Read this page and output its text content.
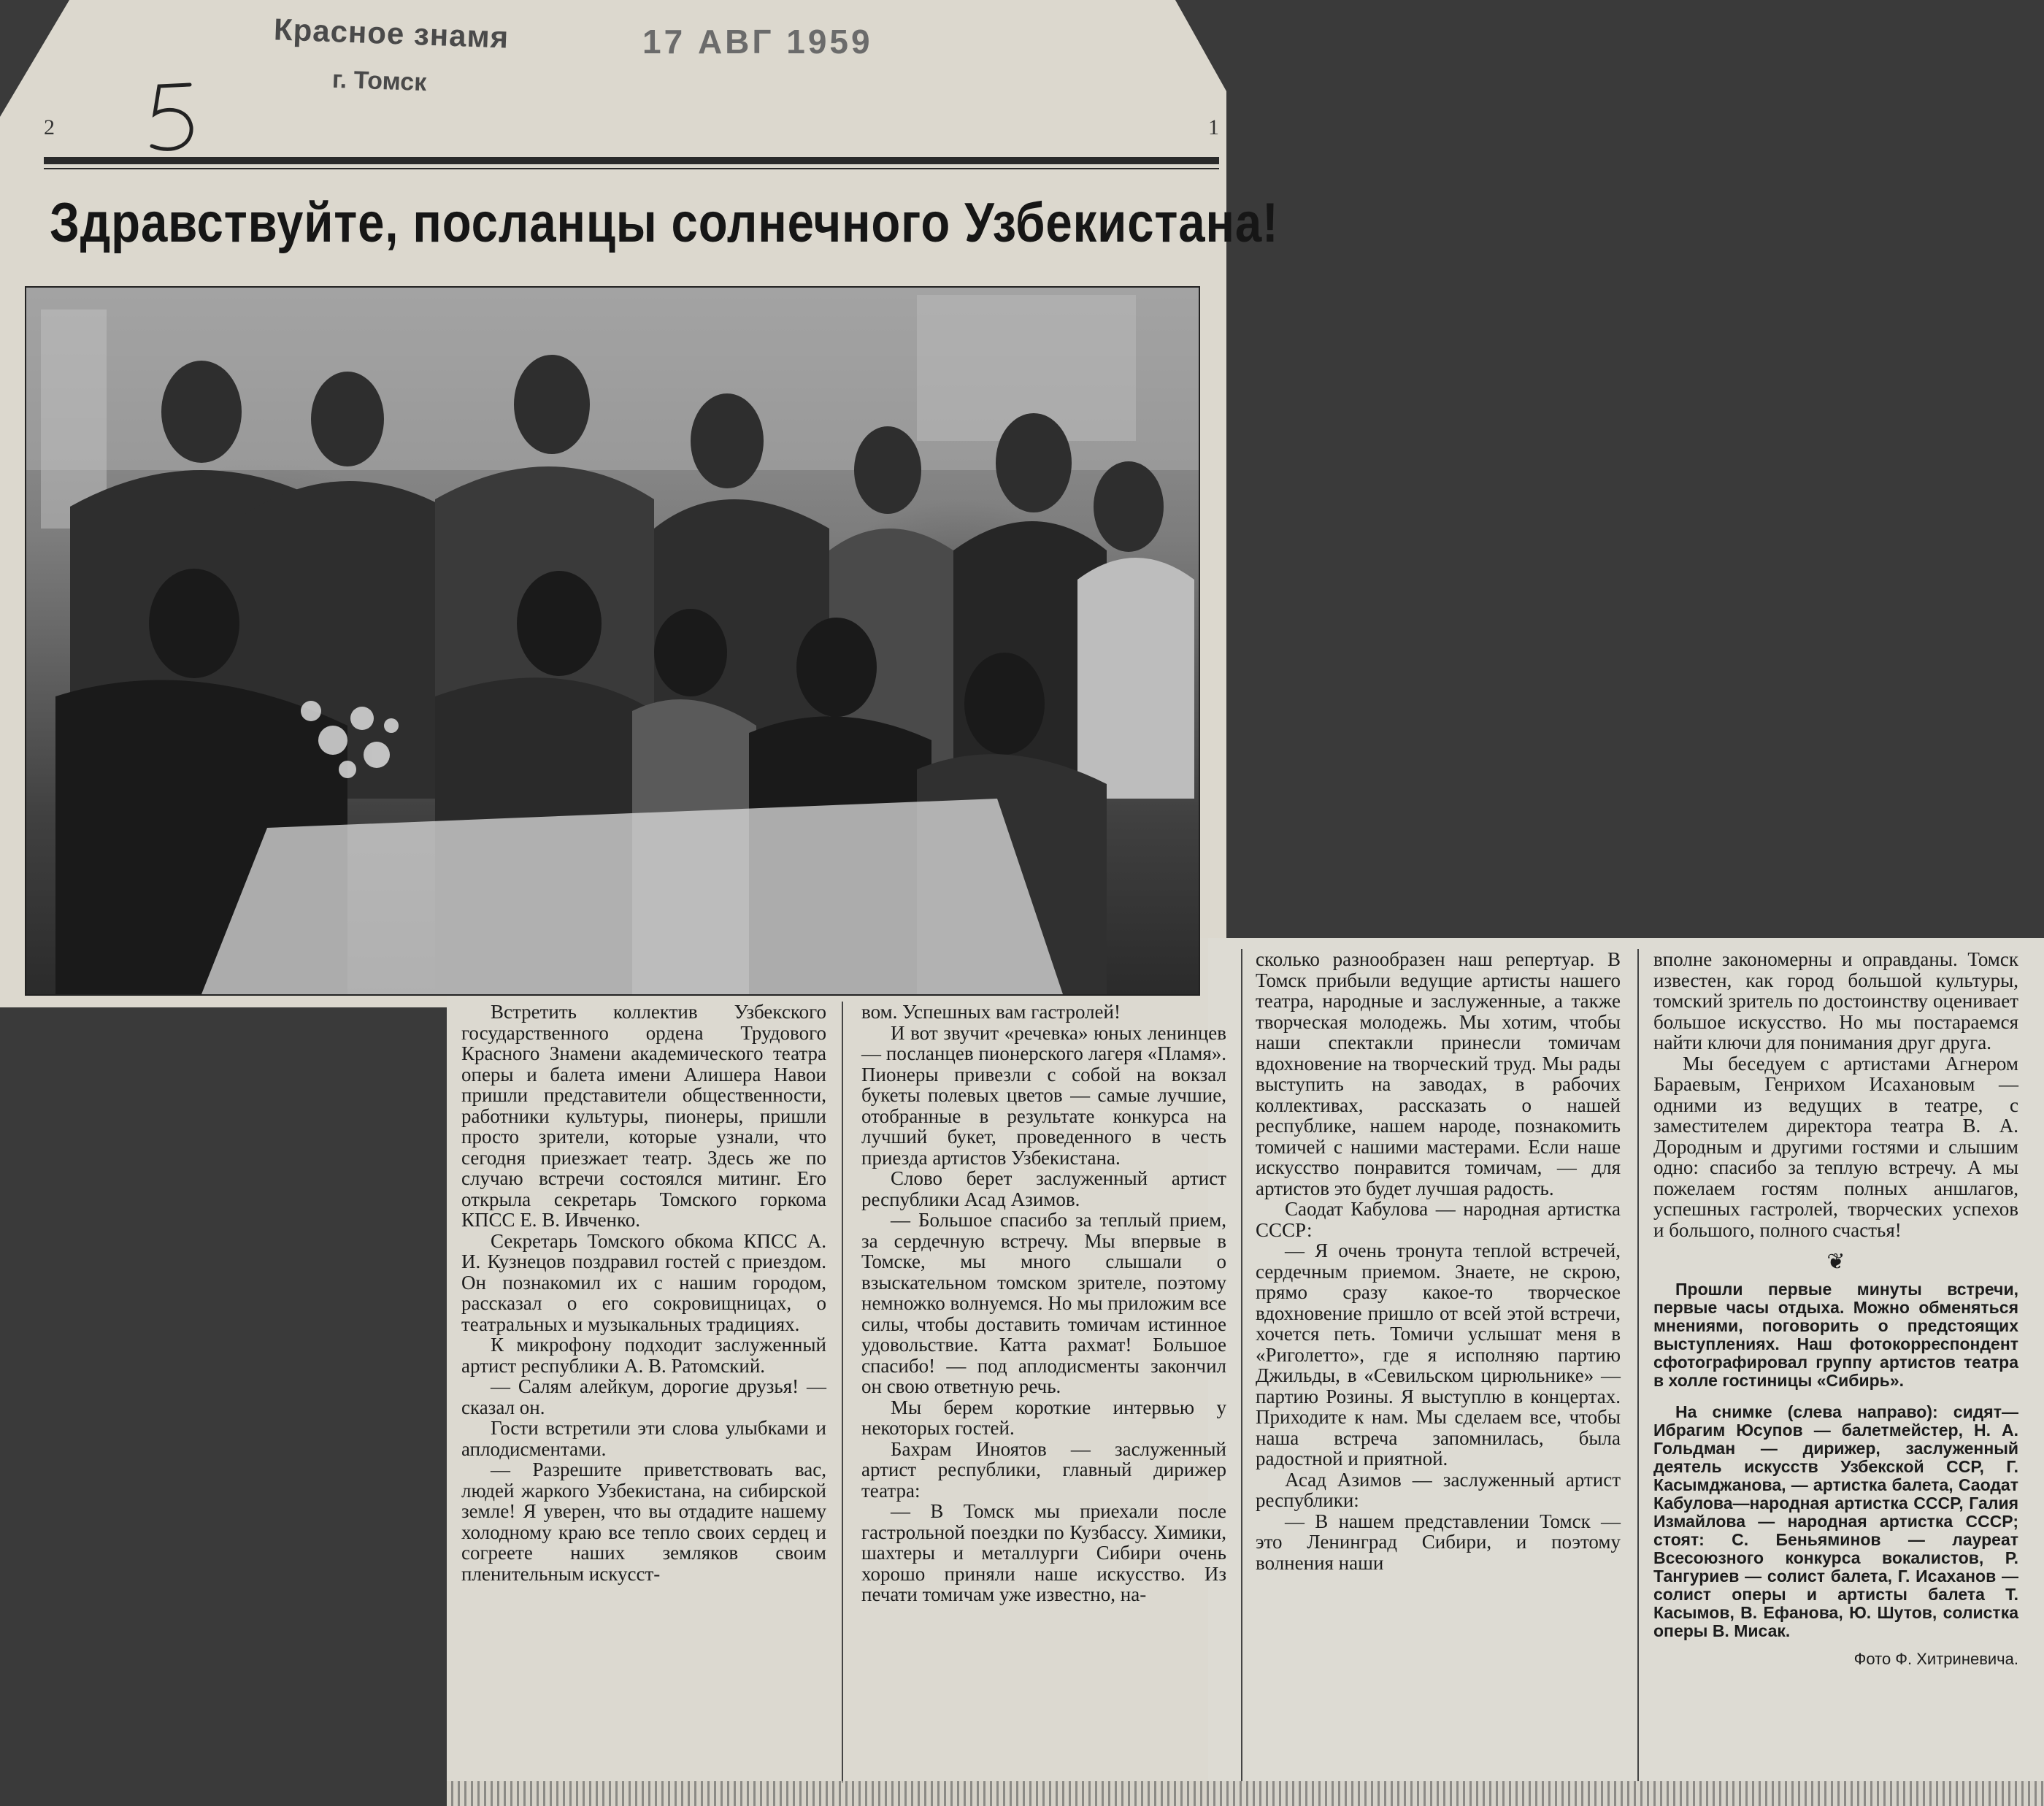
Красное знамя
г. Томск
17 АВГ 1959
2	1
Здравствуйте, посланцы солнечного Узбекистана!

Встретить коллектив Узбекского государственного ордена Трудового Красного Знамени академического театра оперы и балета имени Алишера Навои пришли представители общественности, работники культуры, пионеры, пришли просто зрители, которые узнали, что сегодня приезжает театр. Здесь же по случаю встречи состоялся митинг. Его открыла секретарь Томского горкома КПСС Е. В. Ивченко.

Секретарь Томского обкома КПСС А. И. Кузнецов поздравил гостей с приездом. Он познакомил их с нашим городом, рассказал о его сокровищницах, о театральных и музыкальных традициях.

К микрофону подходит заслуженный артист республики А. В. Ратомский.

— Салям алейкум, дорогие друзья! — сказал он.

Гости встретили эти слова улыбками и аплодисментами.

— Разрешите приветствовать вас, людей жаркого Узбекистана, на сибирской земле! Я уверен, что вы отдадите нашему холодному краю все тепло своих сердец и согреете наших земляков своим пленительным искусст-

вом. Успешных вам гастролей!

И вот звучит «речевка» юных ленинцев — посланцев пионерского лагеря «Пламя». Пионеры привезли с собой на вокзал букеты полевых цветов — самые лучшие, отобранные в результате конкурса на лучший букет, проведенного в честь приезда артистов Узбекистана.

Слово берет заслуженный артист республики Асад Азимов.

— Большое спасибо за теплый прием, за сердечную встречу. Мы впервые в Томске, мы много слышали о взыскательном томском зрителе, поэтому немножко волнуемся. Но мы приложим все силы, чтобы доставить томичам истинное удовольствие. Катта рахмат! Большое спасибо! — под аплодисменты закончил он свою ответную речь.

Мы берем короткие интервью у некоторых гостей.

Бахрам Иноятов — заслуженный артист республики, главный дирижер театра:

— В Томск мы приехали после гастрольной поездки по Кузбассу. Химики, шахтеры и металлурги Сибири очень хорошо приняли наше искусство. Из печати томичам уже известно, на-

сколько разнообразен наш репертуар. В Томск прибыли ведущие артисты нашего театра, народные и заслуженные, а также творческая молодежь. Мы хотим, чтобы наши спектакли принесли томичам вдохновение на творческий труд. Мы рады выступить на заводах, в рабочих коллективах, рассказать о нашей республике, нашем народе, познакомить томичей с нашими мастерами. Если наше искусство понравится томичам, — для артистов это будет лучшая радость.

Саодат Кабулова — народная артистка СССР:

— Я очень тронута теплой встречей, сердечным приемом. Знаете, не скрою, прямо сразу какое-то творческое вдохновение пришло от всей этой встречи, хочется петь. Томичи услышат меня в «Риголетто», где я исполняю партию Джильды, в «Севильском цирюльнике» — партию Розины. Я выступлю в концертах. Приходите к нам. Мы сделаем все, чтобы наша встреча запомнилась, была радостной и приятной.

Асад Азимов — заслуженный артист республики:

— В нашем представлении Томск — это Ленинград Сибири, и поэтому волнения наши

вполне закономерны и оправданы. Томск известен, как город большой культуры, томский зритель по достоинству оценивает большое искусство. Но мы постараемся найти ключи для понимания друг друга.

Мы беседуем с артистами Агнером Бараевым, Генрихом Исахановым — одними из ведущих в театре, с заместителем директора театра В. А. Дородным и другими гостями и слышим одно: спасибо за теплую встречу. А мы пожелаем гостям полных аншлагов, успешных гастролей, творческих успехов и большого, полного счастья!

❦

Прошли первые минуты встречи, первые часы отдыха. Можно обменяться мнениями, поговорить о предстоящих выступлениях. Наш фотокорреспондент сфотографировал группу артистов театра в холле гостиницы «Сибирь».

На снимке (слева направо): сидят—Ибрагим Юсупов — балетмейстер, Н. А. Гольдман — дирижер, заслуженный деятель искусств Узбекской ССР, Г. Касымджанова, — артистка балета, Саодат Кабулова—народная артистка СССР, Галия Измайлова — народная артистка СССР; стоят: С. Беньяминов — лауреат Всесоюзного конкурса вокалистов, Р. Тангуриев — солист балета, Г. Исаханов —солист оперы и артисты балета Т. Касымов, В. Ефанова, Ю. Шутов, солистка оперы В. Мисак.

Фото Ф. Хитриневича.
